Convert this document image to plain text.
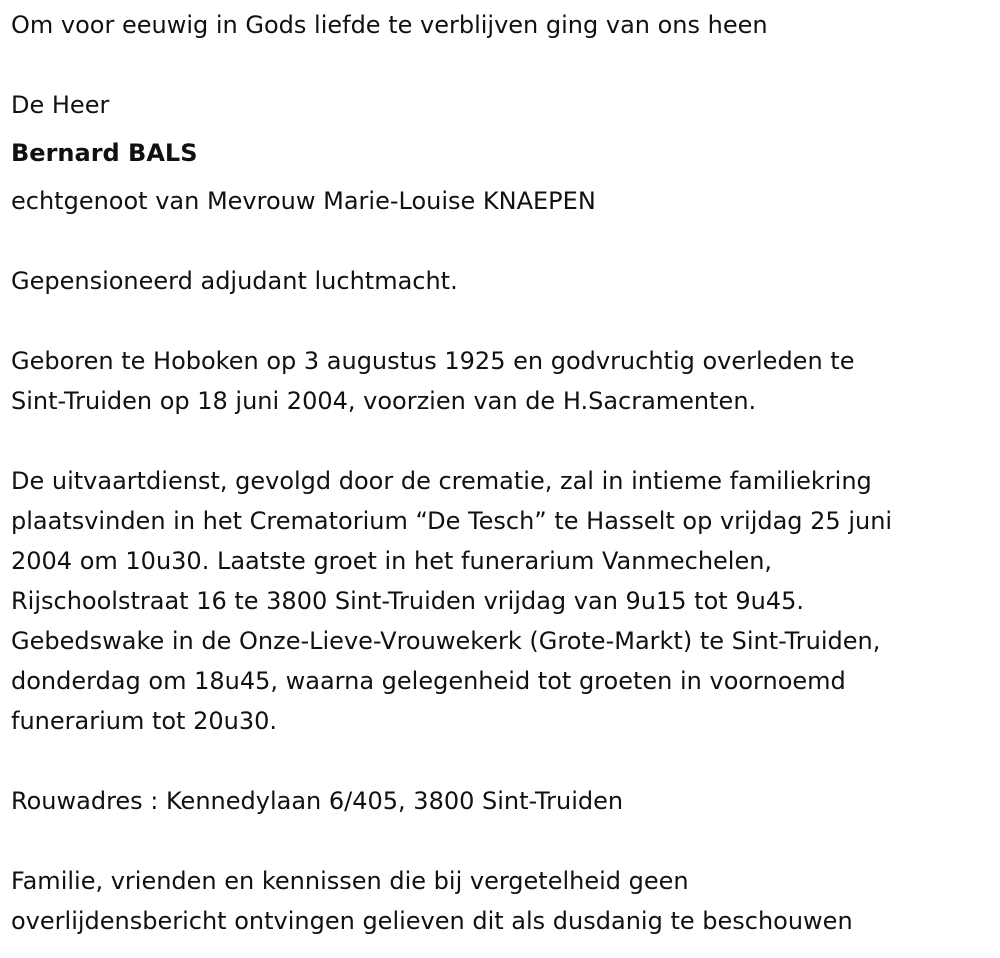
Om voor eeuwig in Gods liefde te verblijven ging van ons heen
De Heer
Bernard BALS
echtgenoot van Mevrouw Marie-Louise KNAEPEN
Gepensioneerd adjudant luchtmacht.
Geboren te Hoboken op 3 augustus 1925 en godvruchtig overleden te
Sint-Truiden op 18 juni 2004, voorzien van de H.Sacramenten.
De uitvaartdienst, gevolgd door de crematie, zal in intieme familiekring
plaatsvinden in het Crematorium “De Tesch” te Hasselt op vrijdag 25 juni
2004 om 10u30. Laatste groet in het funerarium Vanmechelen,
Rijschoolstraat 16 te 3800 Sint-Truiden vrijdag van 9u15 tot 9u45.
Gebedswake in de Onze-Lieve-Vrouwekerk (Grote-Markt) te Sint-Truiden,
donderdag om 18u45, waarna gelegenheid tot groeten in voornoemd
funerarium tot 20u30.
Rouwadres : Kennedylaan 6/405, 3800 Sint-Truiden
Familie, vrienden en kennissen die bij vergetelheid geen
overlijdensbericht ontvingen gelieven dit als dusdanig te beschouwen
